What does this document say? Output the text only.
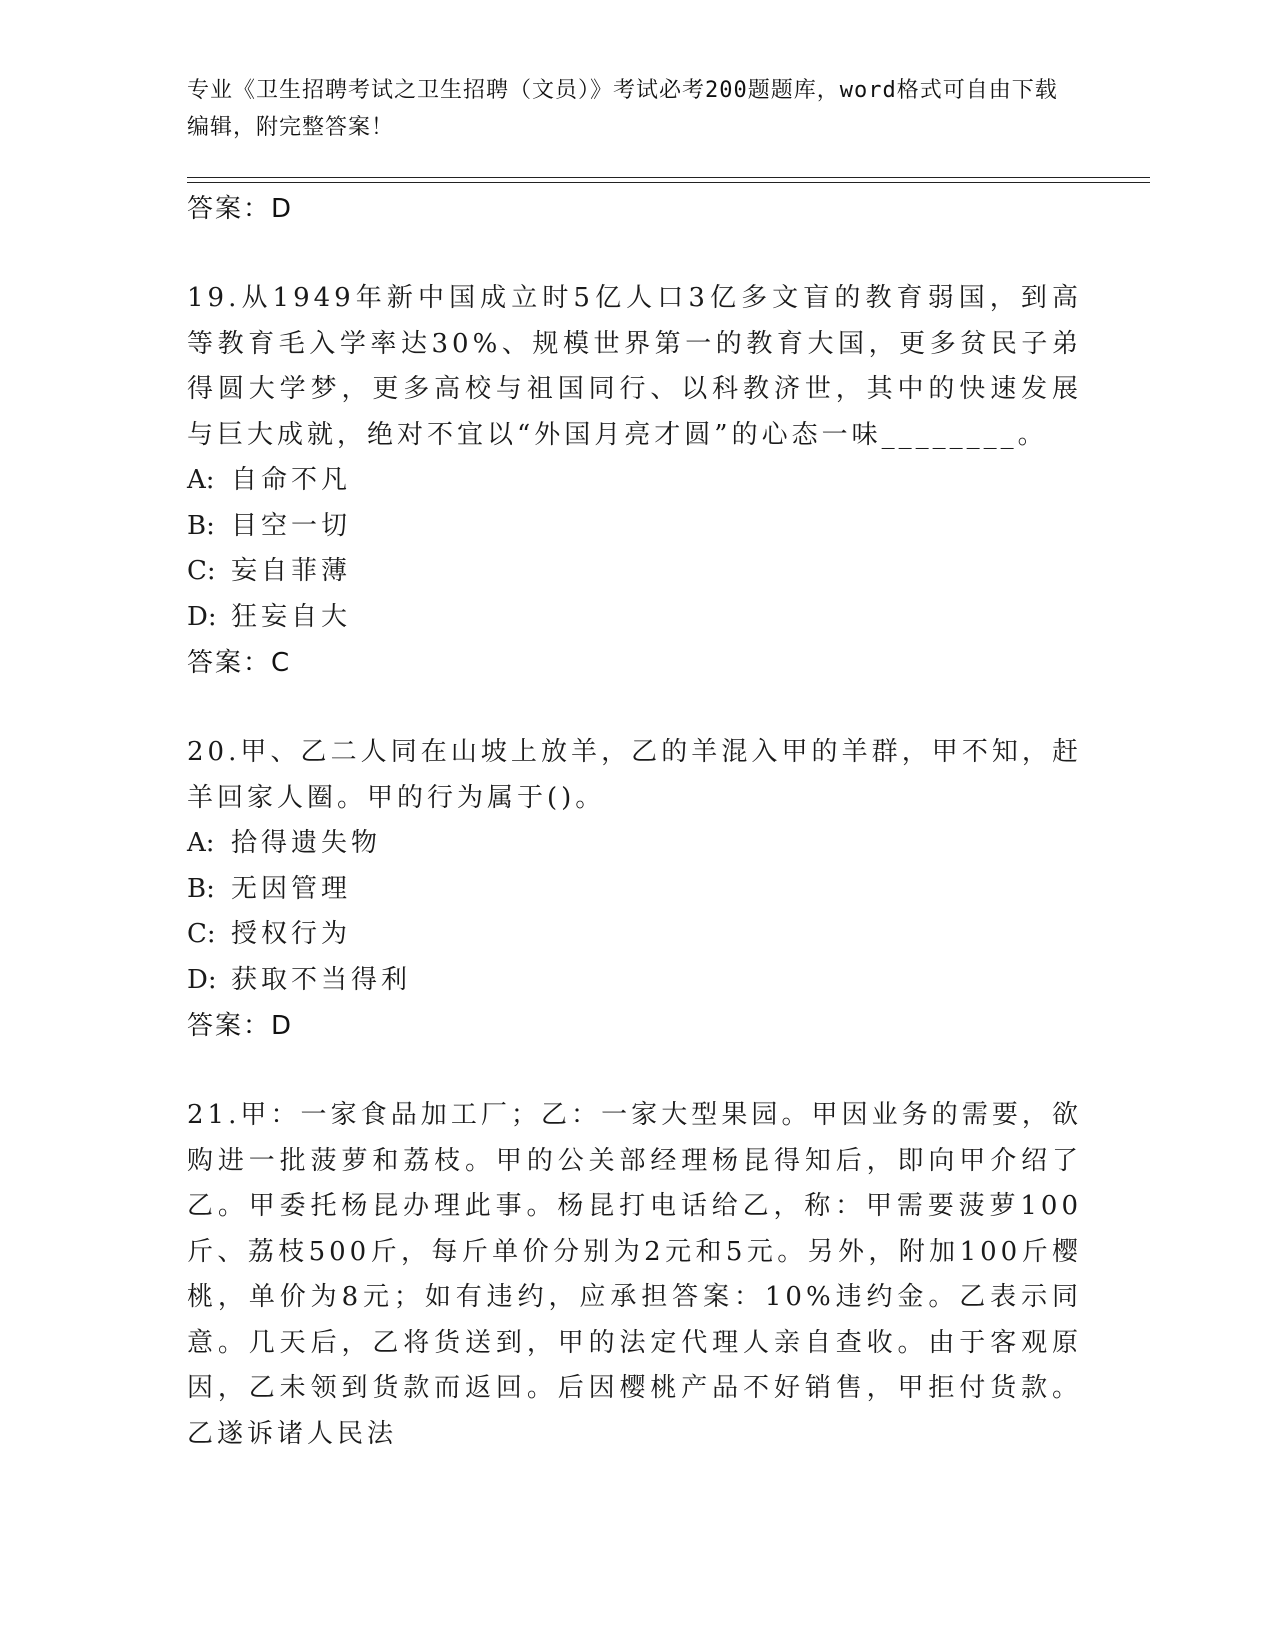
专业《卫生招聘考试之卫生招聘（文员）》考试必考200题题库，word格式可自由下载编辑，附完整答案！
答案：D
19.从1949年新中国成立时5亿人口3亿多文盲的教育弱国，到高等教育毛入学率达30%、规模世界第一的教育大国，更多贫民子弟得圆大学梦，更多高校与祖国同行、以科教济世，其中的快速发展与巨大成就，绝对不宜以“外国月亮才圆”的心态一味________。
A: 自命不凡
B: 目空一切
C: 妄自菲薄
D: 狂妄自大
答案：C
20.甲、乙二人同在山坡上放羊，乙的羊混入甲的羊群，甲不知，赶羊回家人圈。甲的行为属于()。
A: 拾得遗失物
B: 无因管理
C: 授权行为
D: 获取不当得利
答案：D
21.甲：一家食品加工厂；乙：一家大型果园。甲因业务的需要，欲购进一批菠萝和荔枝。甲的公关部经理杨昆得知后，即向甲介绍了乙。甲委托杨昆办理此事。杨昆打电话给乙，称：甲需要菠萝100斤、荔枝500斤，每斤单价分别为2元和5元。另外，附加100斤樱桃，单价为8元；如有违约，应承担答案：10%违约金。乙表示同意。几天后，乙将货送到，甲的法定代理人亲自查收。由于客观原因，乙未领到货款而返回。后因樱桃产品不好销售，甲拒付货款。乙遂诉诸人民法
